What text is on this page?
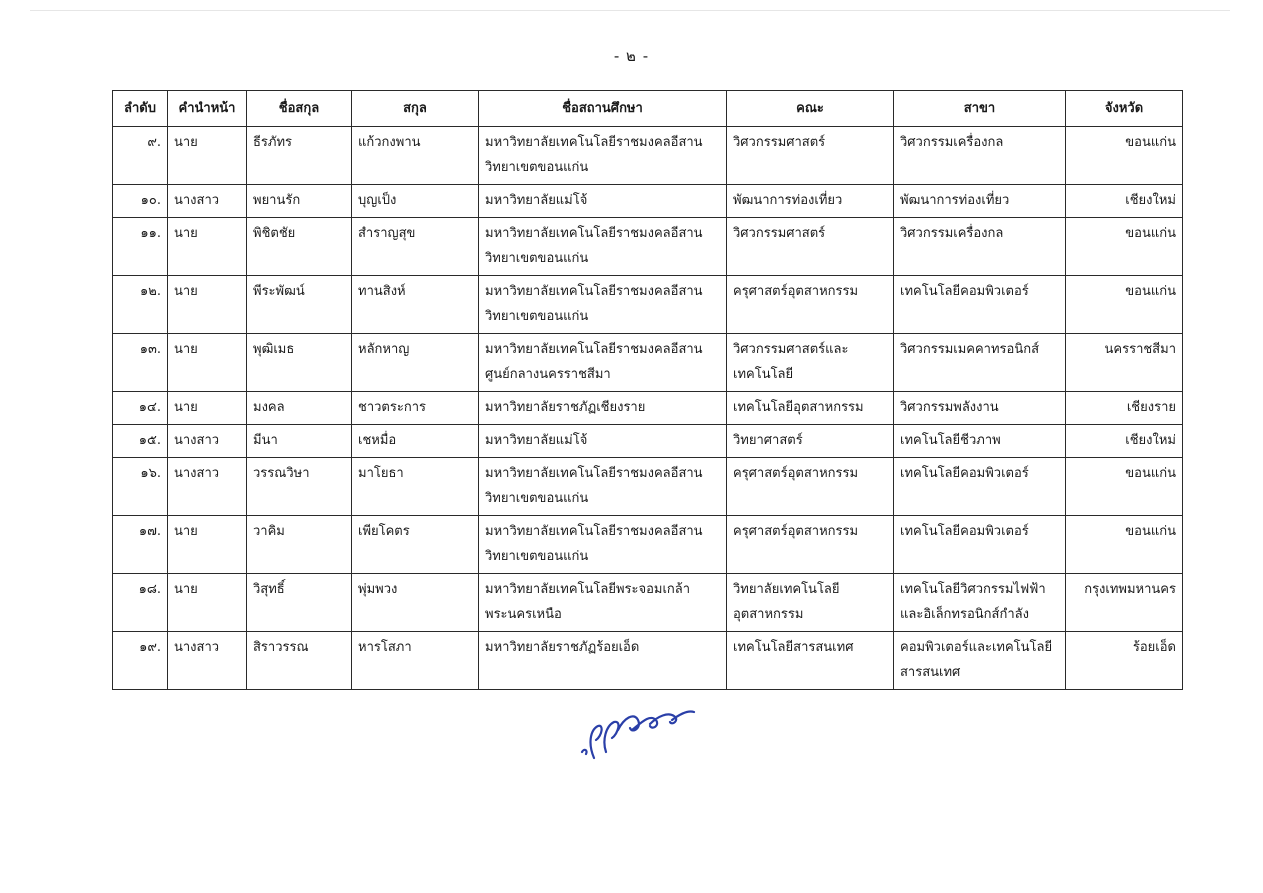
- ๒ -
ลำดับ	คำนำหน้า	ชื่อสกุล	สกุล	ชื่อสถานศึกษา	คณะ	สาขา	จังหวัด
๙.	นาย	ธีรภัทร	แก้วกงพาน	มหาวิทยาลัยเทคโนโลยีราชมงคลอีสาน วิทยาเขตขอนแก่น	วิศวกรรมศาสตร์	วิศวกรรมเครื่องกล	ขอนแก่น
๑๐.	นางสาว	พยานรัก	บุญเป็ง	มหาวิทยาลัยแม่โจ้	พัฒนาการท่องเที่ยว	พัฒนาการท่องเที่ยว	เชียงใหม่
๑๑.	นาย	พิชิตชัย	สำราญสุข	มหาวิทยาลัยเทคโนโลยีราชมงคลอีสาน วิทยาเขตขอนแก่น	วิศวกรรมศาสตร์	วิศวกรรมเครื่องกล	ขอนแก่น
๑๒.	นาย	พีระพัฒน์	ทานสิงห์	มหาวิทยาลัยเทคโนโลยีราชมงคลอีสาน วิทยาเขตขอนแก่น	ครุศาสตร์อุตสาหกรรม	เทคโนโลยีคอมพิวเตอร์	ขอนแก่น
๑๓.	นาย	พุฒิเมธ	หลักหาญ	มหาวิทยาลัยเทคโนโลยีราชมงคลอีสาน ศูนย์กลางนครราชสีมา	วิศวกรรมศาสตร์และ เทคโนโลยี	วิศวกรรมเมคคาทรอนิกส์	นครราชสีมา
๑๔.	นาย	มงคล	ชาวตระการ	มหาวิทยาลัยราชภัฏเชียงราย	เทคโนโลยีอุตสาหกรรม	วิศวกรรมพลังงาน	เชียงราย
๑๕.	นางสาว	มีนา	เชหมื่อ	มหาวิทยาลัยแม่โจ้	วิทยาศาสตร์	เทคโนโลยีชีวภาพ	เชียงใหม่
๑๖.	นางสาว	วรรณวิษา	มาโยธา	มหาวิทยาลัยเทคโนโลยีราชมงคลอีสาน วิทยาเขตขอนแก่น	ครุศาสตร์อุตสาหกรรม	เทคโนโลยีคอมพิวเตอร์	ขอนแก่น
๑๗.	นาย	วาคิม	เพียโคตร	มหาวิทยาลัยเทคโนโลยีราชมงคลอีสาน วิทยาเขตขอนแก่น	ครุศาสตร์อุตสาหกรรม	เทคโนโลยีคอมพิวเตอร์	ขอนแก่น
๑๘.	นาย	วิสุทธิ์	พุ่มพวง	มหาวิทยาลัยเทคโนโลยีพระจอมเกล้า พระนครเหนือ	วิทยาลัยเทคโนโลยี อุตสาหกรรม	เทคโนโลยีวิศวกรรมไฟฟ้า และอิเล็กทรอนิกส์กำลัง	กรุงเทพมหานคร
๑๙.	นางสาว	สิราวรรณ	หารโสภา	มหาวิทยาลัยราชภัฏร้อยเอ็ด	เทคโนโลยีสารสนเทศ	คอมพิวเตอร์และเทคโนโลยี สารสนเทศ	ร้อยเอ็ด
